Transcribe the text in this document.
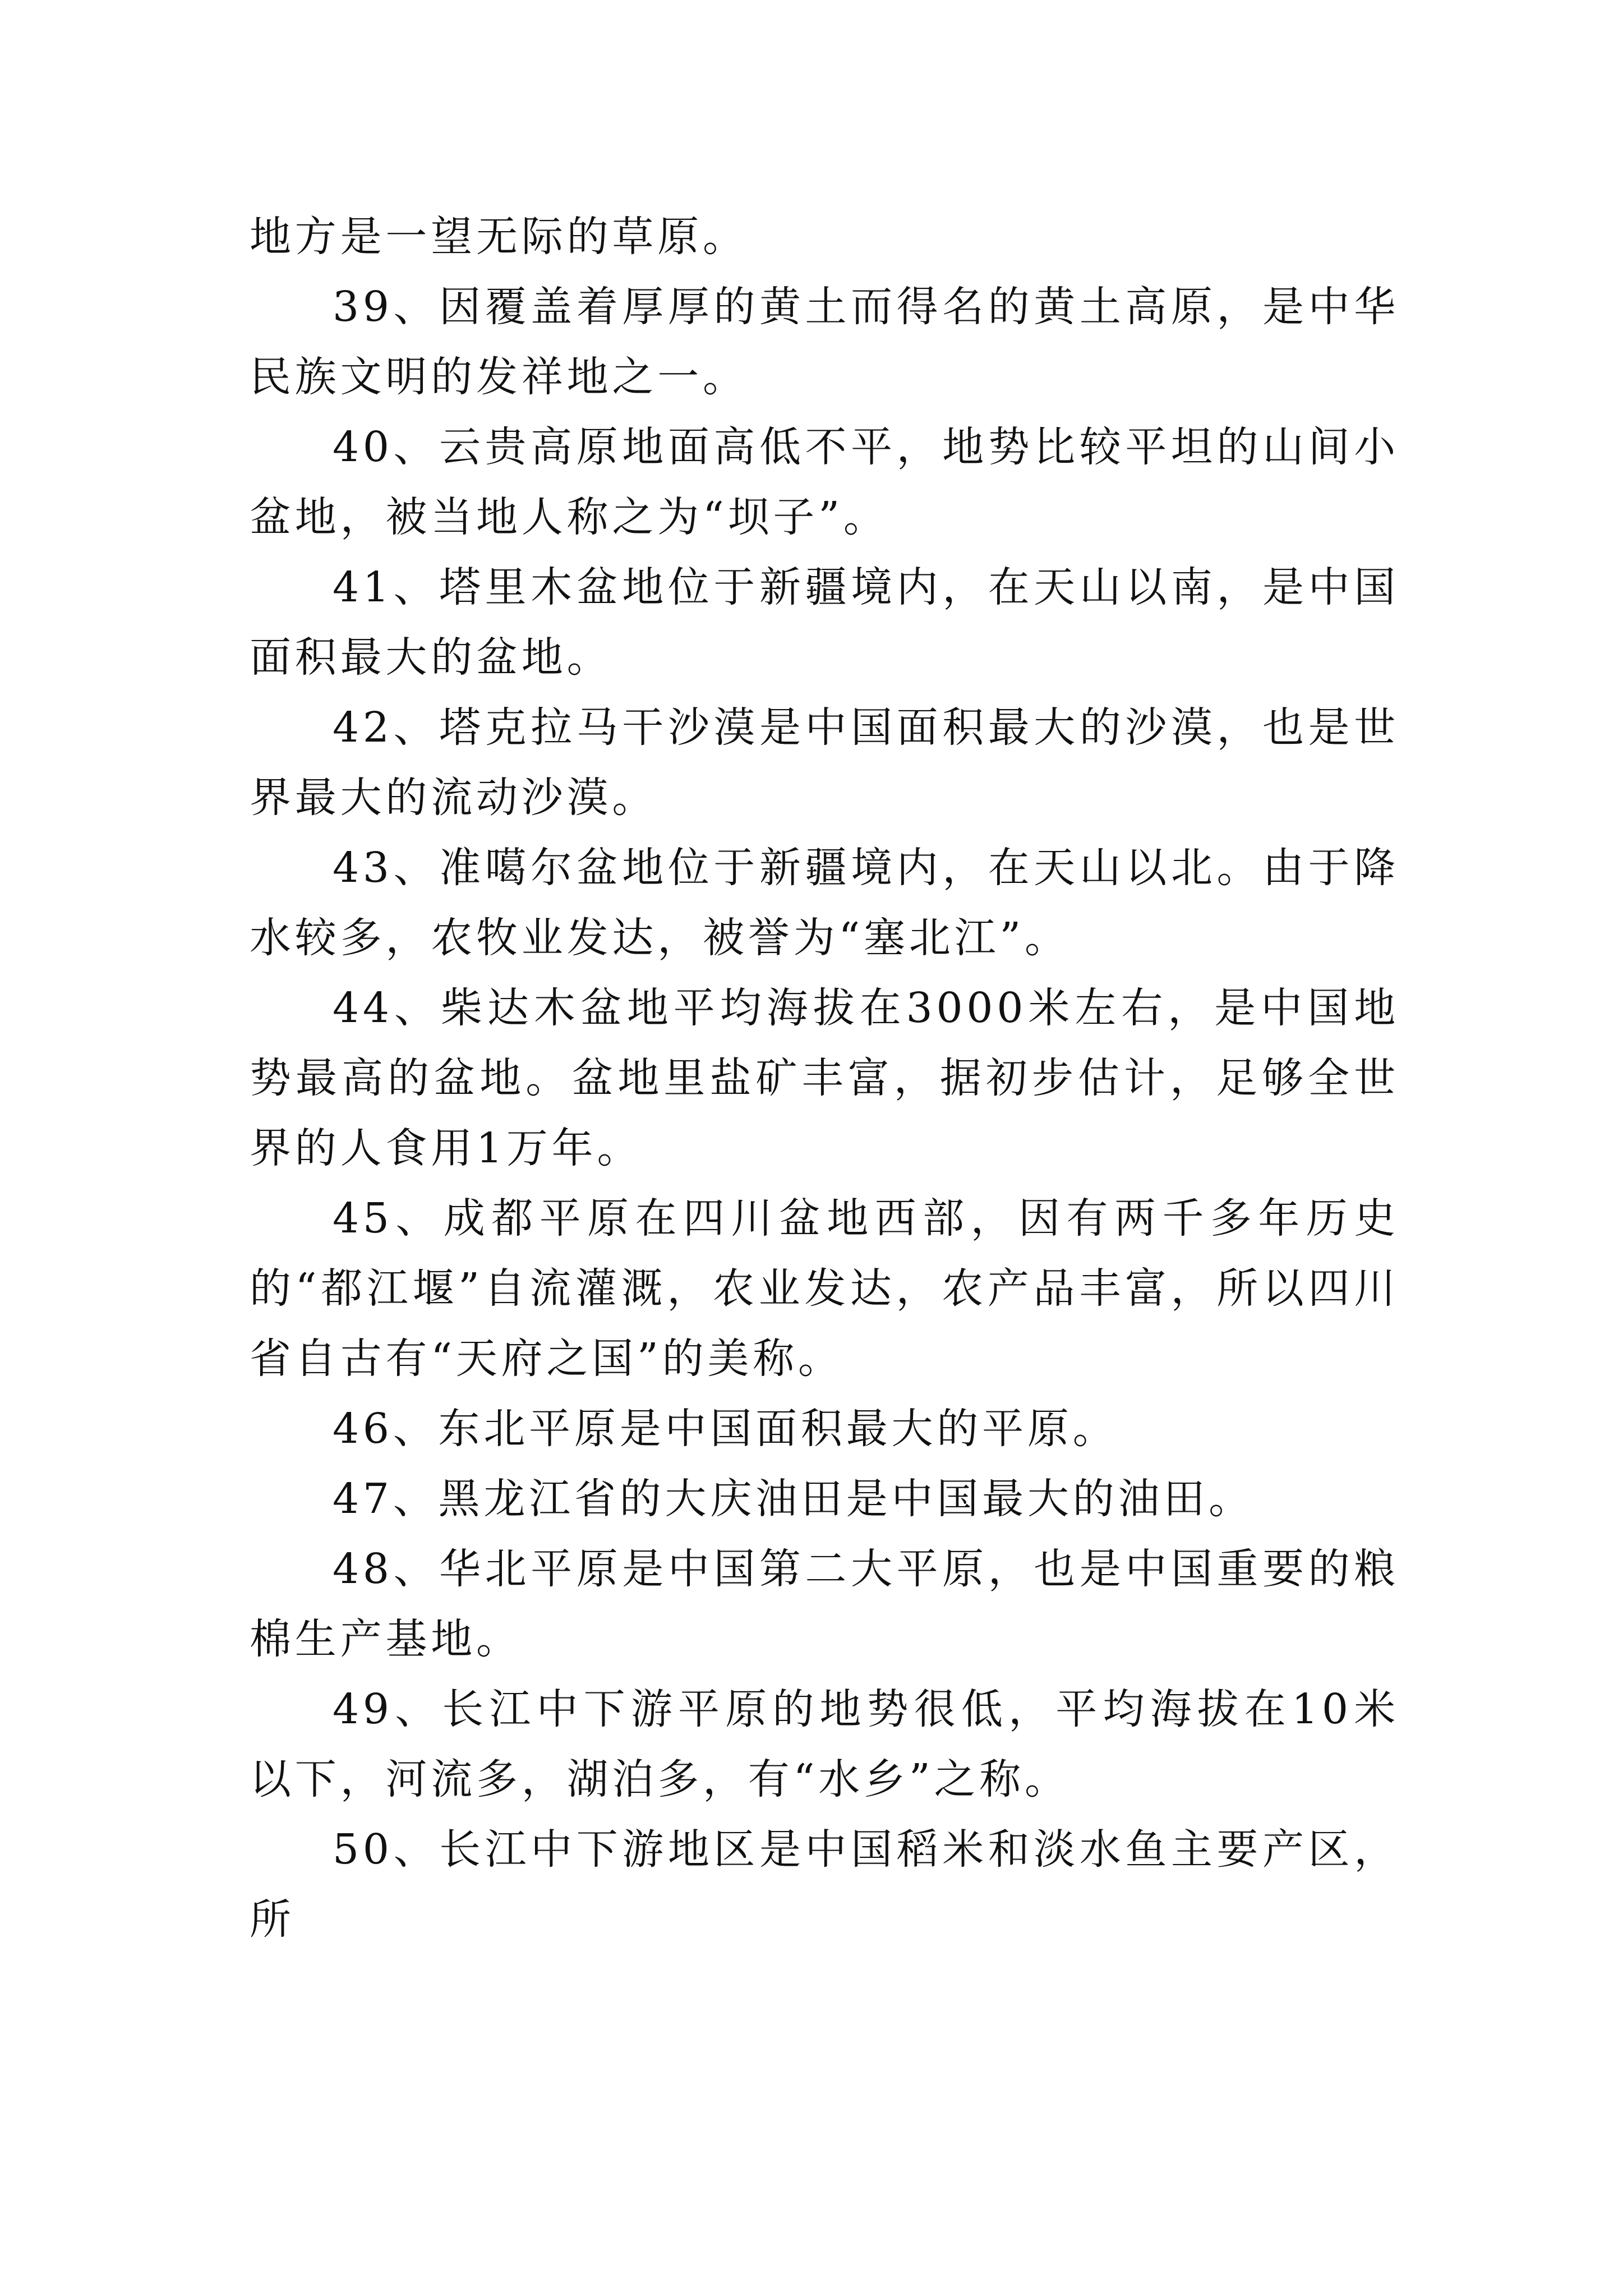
地方是一望无际的草原。

39、因覆盖着厚厚的黄土而得名的黄土高原，是中华民族文明的发祥地之一。

40、云贵高原地面高低不平，地势比较平坦的山间小盆地，被当地人称之为“坝子”。

41、塔里木盆地位于新疆境内，在天山以南，是中国面积最大的盆地。

42、塔克拉马干沙漠是中国面积最大的沙漠，也是世界最大的流动沙漠。

43、准噶尔盆地位于新疆境内，在天山以北。由于降水较多，农牧业发达，被誉为“塞北江”。

44、柴达木盆地平均海拔在3000米左右，是中国地势最高的盆地。盆地里盐矿丰富，据初步估计，足够全世界的人食用1万年。

45、成都平原在四川盆地西部，因有两千多年历史的“都江堰”自流灌溉，农业发达，农产品丰富，所以四川省自古有“天府之国”的美称。

46、东北平原是中国面积最大的平原。

47、黑龙江省的大庆油田是中国最大的油田。

48、华北平原是中国第二大平原，也是中国重要的粮棉生产基地。

49、长江中下游平原的地势很低，平均海拔在10米以下，河流多，湖泊多，有“水乡”之称。

50、长江中下游地区是中国稻米和淡水鱼主要产区，所
